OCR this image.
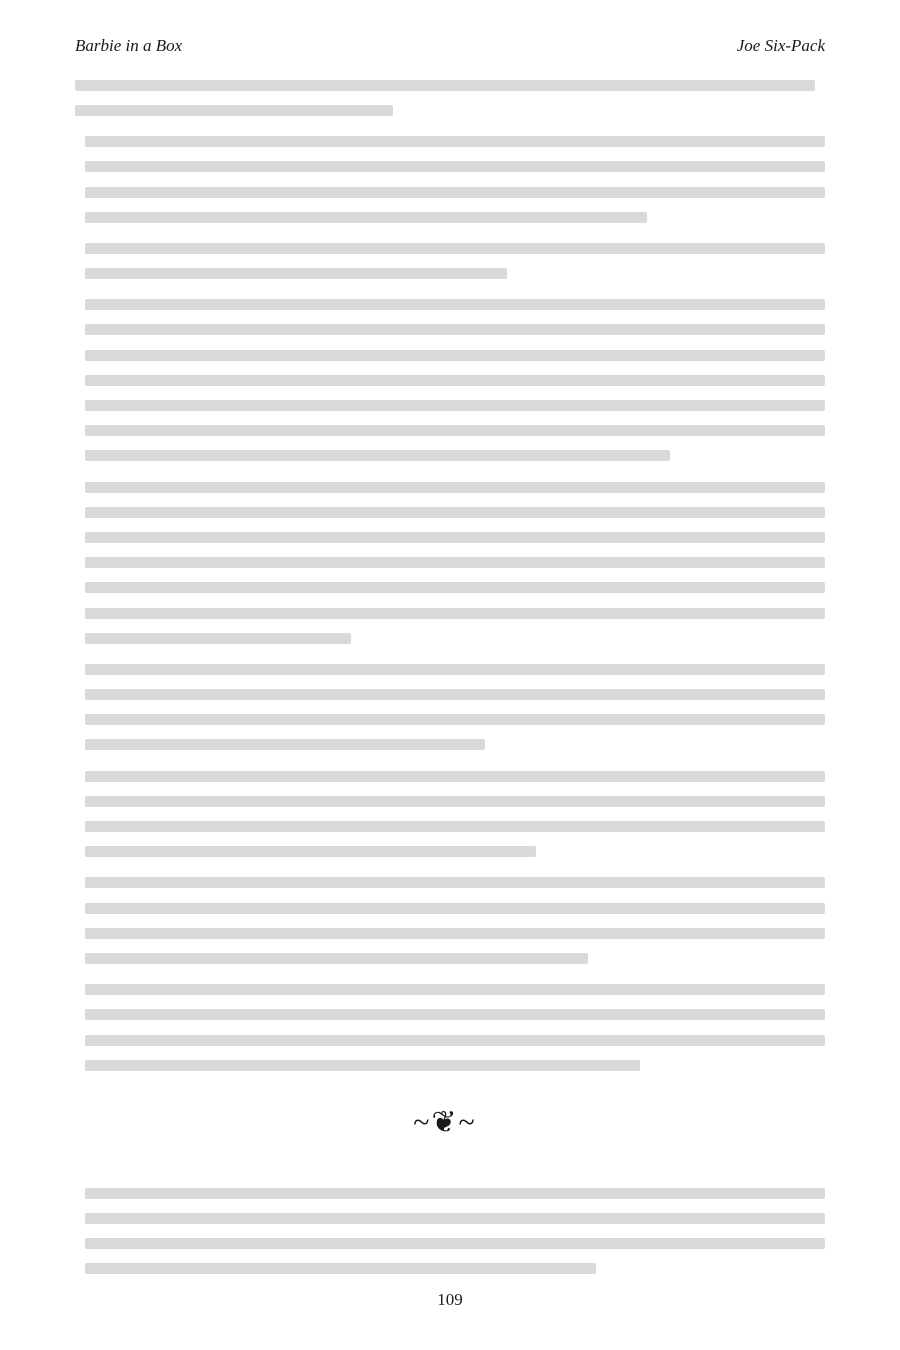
Barbie in a Box	Joe Six-Pack
~❦~
109
